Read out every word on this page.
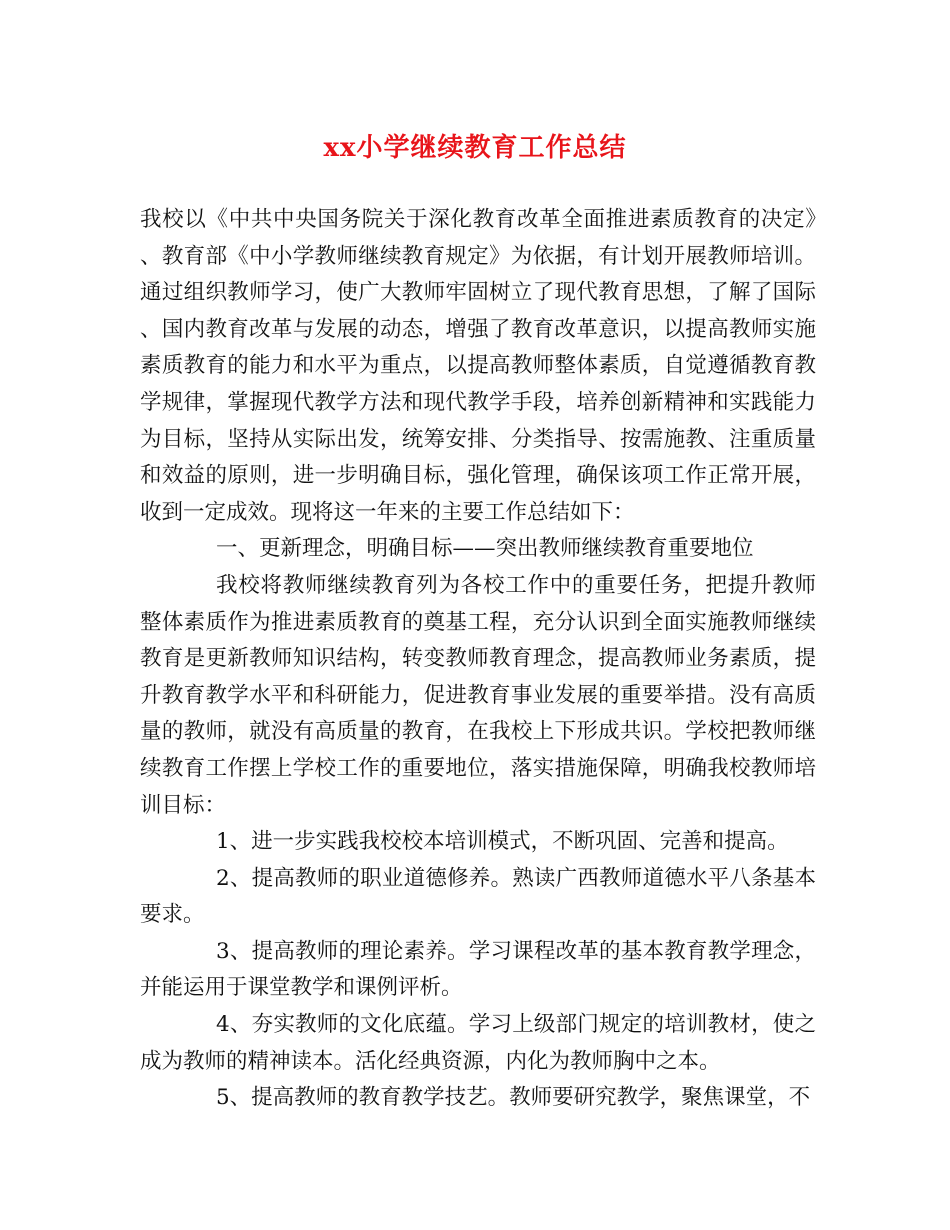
xx小学继续教育工作总结

我校以《中共中央国务院关于深化教育改革全面推进素质教育的决定》、教育部《中小学教师继续教育规定》为依据，有计划开展教师培训。通过组织教师学习，使广大教师牢固树立了现代教育思想，了解了国际、国内教育改革与发展的动态，增强了教育改革意识，以提高教师实施素质教育的能力和水平为重点，以提高教师整体素质，自觉遵循教育教学规律，掌握现代教学方法和现代教学手段，培养创新精神和实践能力为目标，坚持从实际出发，统筹安排、分类指导、按需施教、注重质量和效益的原则，进一步明确目标，强化管理，确保该项工作正常开展，收到一定成效。现将这一年来的主要工作总结如下：

一、更新理念，明确目标——突出教师继续教育重要地位

我校将教师继续教育列为各校工作中的重要任务，把提升教师整体素质作为推进素质教育的奠基工程，充分认识到全面实施教师继续教育是更新教师知识结构，转变教师教育理念，提高教师业务素质，提升教育教学水平和科研能力，促进教育事业发展的重要举措。没有高质量的教师，就没有高质量的教育，在我校上下形成共识。学校把教师继续教育工作摆上学校工作的重要地位，落实措施保障，明确我校教师培训目标：

1、进一步实践我校校本培训模式，不断巩固、完善和提高。

2、提高教师的职业道德修养。熟读广西教师道德水平八条基本要求。

3、提高教师的理论素养。学习课程改革的基本教育教学理念，并能运用于课堂教学和课例评析。

4、夯实教师的文化底蕴。学习上级部门规定的培训教材，使之成为教师的精神读本。活化经典资源，内化为教师胸中之本。

5、提高教师的教育教学技艺。教师要研究教学，聚焦课堂，不
